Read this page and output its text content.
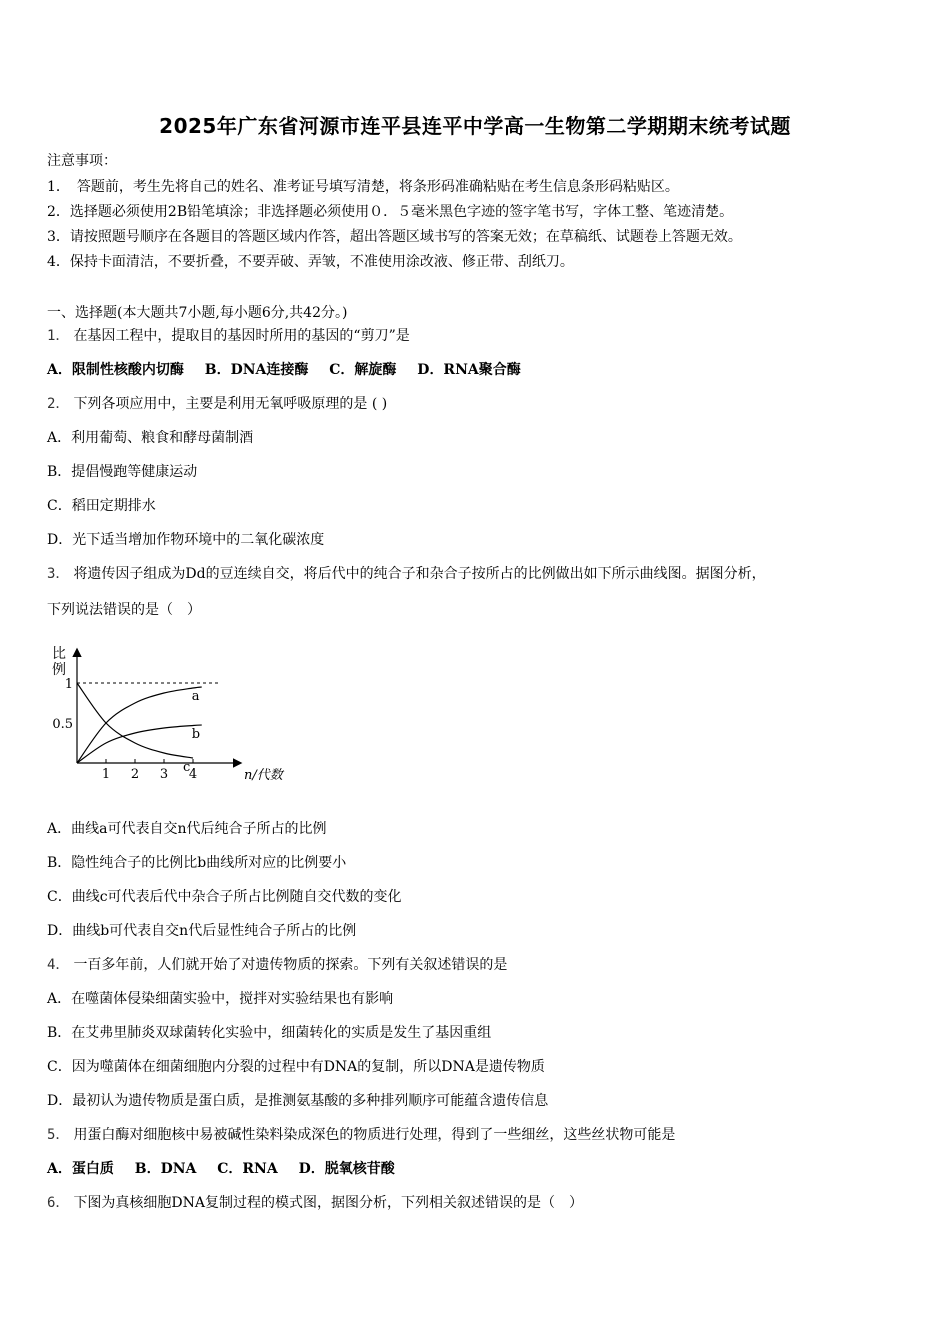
2025年广东省河源市连平县连平中学高一生物第二学期期末统考试题
注意事项：
1．　答题前，考生先将自己的姓名、准考证号填写清楚，将条形码准确粘贴在考生信息条形码粘贴区。
2．选择题必须使用2B铅笔填涂；非选择题必须使用０．５毫米黑色字迹的签字笔书写，字体工整、笔迹清楚。
3．请按照题号顺序在各题目的答题区域内作答，超出答题区域书写的答案无效；在草稿纸、试题卷上答题无效。
4．保持卡面清洁，不要折叠，不要弄破、弄皱，不准使用涂改液、修正带、刮纸刀。
一、选择题(本大题共7小题,每小题6分,共42分。)
1． 在基因工程中，提取目的基因时所用的基因的“剪刀”是
A．限制性核酸内切酶 B．DNA连接酶 C．解旋酶 D．RNA聚合酶
2． 下列各项应用中，主要是利用无氧呼吸原理的是 ( )
A．利用葡萄、粮食和酵母菌制酒
B．提倡慢跑等健康运动
C．稻田定期排水
D．光下适当增加作物环境中的二氧化碳浓度
3． 将遗传因子组成为Dd的豆连续自交，将后代中的纯合子和杂合子按所占的比例做出如下所示曲线图。据图分析，
下列说法错误的是（　）
比 例
n/代数
1 2 3 4
0.5
1
a
b
c
A．曲线a可代表自交n代后纯合子所占的比例
B．隐性纯合子的比例比b曲线所对应的比例要小
C．曲线c可代表后代中杂合子所占比例随自交代数的变化
D．曲线b可代表自交n代后显性纯合子所占的比例
4． 一百多年前，人们就开始了对遗传物质的探索。下列有关叙述错误的是
A．在噬菌体侵染细菌实验中，搅拌对实验结果也有影响
B．在艾弗里肺炎双球菌转化实验中，细菌转化的实质是发生了基因重组
C．因为噬菌体在细菌细胞内分裂的过程中有DNA的复制，所以DNA是遗传物质
D．最初认为遗传物质是蛋白质，是推测氨基酸的多种排列顺序可能蕴含遗传信息
5． 用蛋白酶对细胞核中易被碱性染料染成深色的物质进行处理，得到了一些细丝，这些丝状物可能是
A．蛋白质 B．DNA C．RNA D．脱氧核苷酸
6． 下图为真核细胞DNA复制过程的模式图，据图分析，下列相关叙述错误的是（　）
